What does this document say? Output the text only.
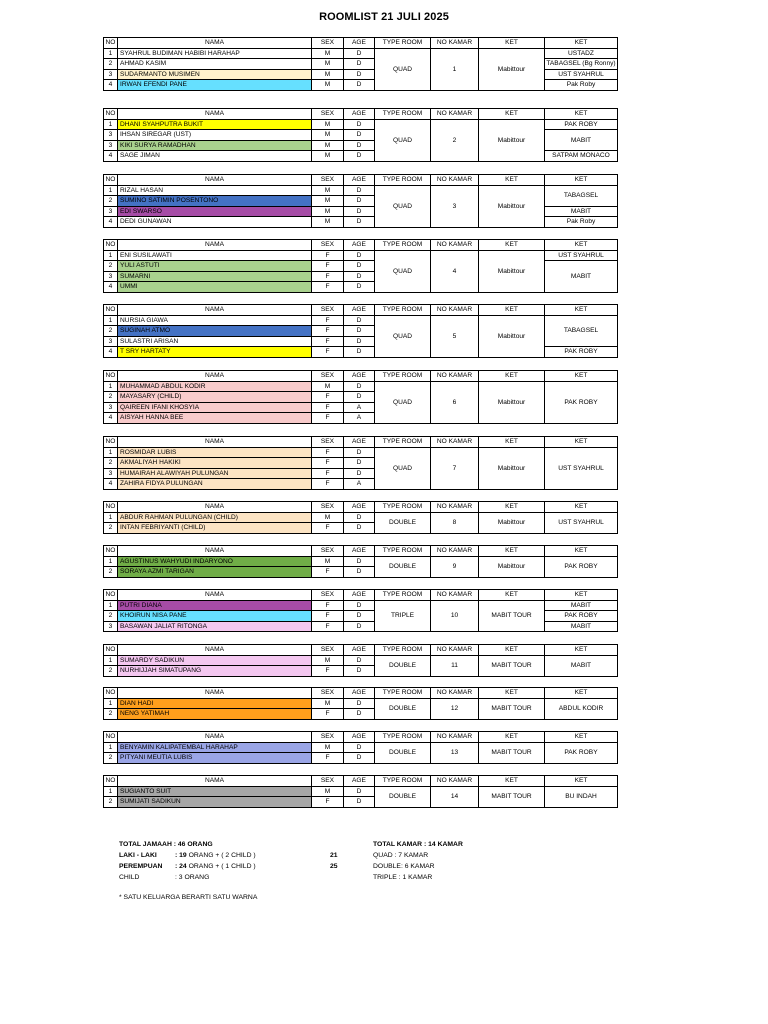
ROOMLIST 21 JULI 2025
NO	NAMA	SEX	AGE	TYPE ROOM	NO KAMAR	KET	KET
1	SYAHRUL BUDIMAN HABIBI HARAHAP	M	D	QUAD	1	Mabittour	USTADZ
2	AHMAD KASIM	M	D				TABAGSEL (Bg Ronny)
3	SUDARMANTO MUSIMEN	M	D				UST SYAHRUL
4	IRWAN EFENDI PANE	M	D				Pak Roby
NO	NAMA	SEX	AGE	TYPE ROOM	NO KAMAR	KET	KET
1	DHANI SYAHPUTRA BUKIT	M	D	QUAD	2	Mabittour	PAK ROBY
3	IHSAN SIREGAR (UST)	M	D				MABIT
3	KIKI SURYA RAMADHAN	M	D				
4	SAGE JIMAN	M	D				SATPAM MONACO
NO	NAMA	SEX	AGE	TYPE ROOM	NO KAMAR	KET	KET
1	RIZAL HASAN	M	D	QUAD	3	Mabittour	TABAGSEL
2	SUMINO SATIMIN POSENTONO	M	D				
3	EDI SWARSO	M	D				MABIT
4	DEDI GUNAWAN	M	D				Pak Roby
NO	NAMA	SEX	AGE	TYPE ROOM	NO KAMAR	KET	KET
1	ENI SUSILAWATI	F	D	QUAD	4	Mabittour	UST SYAHRUL
2	YULI ASTUTI	F	D				MABIT
3	SUMARNI	F	D				
4	UMMI	F	D				
NO	NAMA	SEX	AGE	TYPE ROOM	NO KAMAR	KET	KET
1	NURSIA GIAWA	F	D	QUAD	5	Mabittour	TABAGSEL
2	SUGINAH ATMO	F	D				
3	SULASTRI ARISAN	F	D				
4	T SRY HARTATY	F	D				PAK ROBY
NO	NAMA	SEX	AGE	TYPE ROOM	NO KAMAR	KET	KET
1	MUHAMMAD ABDUL KODIR	M	D	QUAD	6	Mabittour	PAK ROBY
2	MAYASARY (CHILD)	F	D				
3	QAIREEN IFANI KHOSYIA	F	A				
4	AISYAH HANNA BEE	F	A				
NO	NAMA	SEX	AGE	TYPE ROOM	NO KAMAR	KET	KET
1	ROSMIDAR LUBIS	F	D	QUAD	7	Mabittour	UST SYAHRUL
2	AKMALIYAH HAKIKI	F	D				
3	HUMAIRAH ALAWIYAH PULUNGAN	F	D				
4	ZAHIRA FIDYA PULUNGAN	F	A				
NO	NAMA	SEX	AGE	TYPE ROOM	NO KAMAR	KET	KET
1	ABDUR RAHMAN PULUNGAN (CHILD)	M	D	DOUBLE	8	Mabittour	UST SYAHRUL
2	INTAN FEBRIYANTI (CHILD)	F	D				
NO	NAMA	SEX	AGE	TYPE ROOM	NO KAMAR	KET	KET
1	AGUSTINUS WAHYUDI INDARYONO	M	D	DOUBLE	9	Mabittour	PAK ROBY
2	SORAYA AZMI TARIGAN	F	D				
NO	NAMA	SEX	AGE	TYPE ROOM	NO KAMAR	KET	KET
1	PUTRI DIANA	F	D	TRIPLE	10	MABIT TOUR	MABIT
2	KHOIRUN NISA PANE	F	D				PAK ROBY
3	BASAWAN JALIAT RITONGA	F	D				MABIT
NO	NAMA	SEX	AGE	TYPE ROOM	NO KAMAR	KET	KET
1	SUMARDY SADIKUN	M	D	DOUBLE	11	MABIT TOUR	MABIT
2	NURHIJJAH SIMATUPANG	F	D				
NO	NAMA	SEX	AGE	TYPE ROOM	NO KAMAR	KET	KET
1	DIAN HADI	M	D	DOUBLE	12	MABIT TOUR	ABDUL KODIR
2	NENG YATIMAH	F	D				
NO	NAMA	SEX	AGE	TYPE ROOM	NO KAMAR	KET	KET
1	BENYAMIN KALIPATEMBAL HARAHAP	M	D	DOUBLE	13	MABIT TOUR	PAK ROBY
2	PITYANI MEUTIA LUBIS	F	D				
NO	NAMA	SEX	AGE	TYPE ROOM	NO KAMAR	KET	KET
1	SUGIANTO SUIT	M	D	DOUBLE	14	MABIT TOUR	BU INDAH
2	SUMIJATI SADIKUN	F	D				
TOTAL JAMAAH : 46 ORANG
LAKI - LAKI	: 19 ORANG + ( 2 CHILD )
PEREMPUAN : 24 ORANG + ( 1 CHILD )
CHILD	: 3 ORANG
21
25
TOTAL KAMAR : 14 KAMAR
QUAD : 7 KAMAR
DOUBLE: 6 KAMAR
TRIPLE : 1 KAMAR
* SATU KELUARGA BERARTI SATU WARNA
